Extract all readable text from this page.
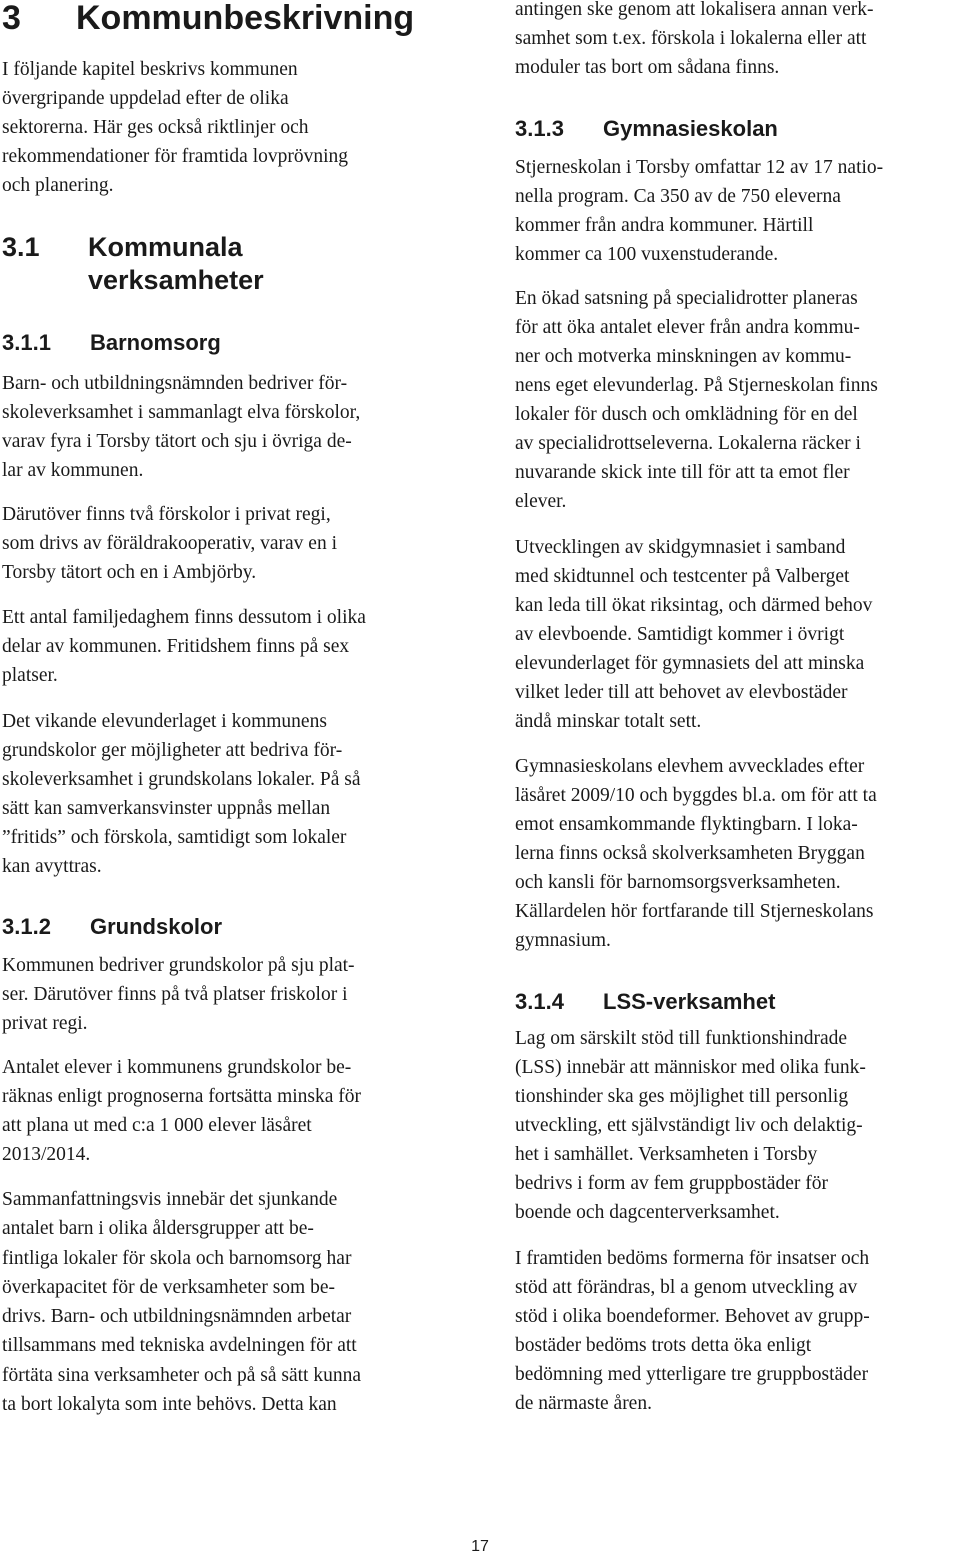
3 Kommunbeskrivning
I följande kapitel beskrivs kommunen
övergripande uppdelad efter de olika
sektorerna. Här ges också riktlinjer och
rekommendationer för framtida lovprövning
och planering.
3.1	Kommunala
verksamheter
3.1.1	Barnomsorg
Barn- och utbildningsnämnden bedriver för-
skoleverksamhet i sammanlagt elva förskolor,
varav fyra i Torsby tätort och sju i övriga de-
lar av kommunen.
Därutöver finns två förskolor i privat regi,
som drivs av föräldrakooperativ, varav en i
Torsby tätort och en i Ambjörby.
Ett antal familjedaghem finns dessutom i olika
delar av kommunen. Fritidshem finns på sex
platser.
Det vikande elevunderlaget i kommunens
grundskolor ger möjligheter att bedriva för-
skoleverksamhet i grundskolans lokaler. På så
sätt kan samverkansvinster uppnås mellan
”fritids” och förskola, samtidigt som lokaler
kan avyttras.
3.1.2	Grundskolor
Kommunen bedriver grundskolor på sju plat-
ser. Därutöver finns på två platser friskolor i
privat regi.
Antalet elever i kommunens grundskolor be-
räknas enligt prognoserna fortsätta minska för
att plana ut med c:a 1 000 elever läsåret
2013/2014.
Sammanfattningsvis innebär det sjunkande
antalet barn i olika åldersgrupper att be-
fintliga lokaler för skola och barnomsorg har
överkapacitet för de verksamheter som be-
drivs. Barn- och utbildningsnämnden arbetar
tillsammans med tekniska avdelningen för att
förtäta sina verksamheter och på så sätt kunna
ta bort lokalyta som inte behövs. Detta kan
antingen ske genom att lokalisera annan verk-
samhet som t.ex. förskola i lokalerna eller att
moduler tas bort om sådana finns.
3.1.3	Gymnasieskolan
Stjerneskolan i Torsby omfattar 12 av 17 natio-
nella program. Ca 350 av de 750 eleverna
kommer från andra kommuner. Härtill
kommer ca 100 vuxenstuderande.
En ökad satsning på specialidrotter planeras
för att öka antalet elever från andra kommu-
ner och motverka minskningen av kommu-
nens eget elevunderlag. På Stjerneskolan finns
lokaler för dusch och omklädning för en del
av specialidrottseleverna. Lokalerna räcker i
nuvarande skick inte till för att ta emot fler
elever.
Utvecklingen av skidgymnasiet i samband
med skidtunnel och testcenter på Valberget
kan leda till ökat riksintag, och därmed behov
av elevboende. Samtidigt kommer i övrigt
elevunderlaget för gymnasiets del att minska
vilket leder till att behovet av elevbostäder
ändå minskar totalt sett.
Gymnasieskolans elevhem avvecklades efter
läsåret 2009/10 och byggdes bl.a. om för att ta
emot ensamkommande flyktingbarn. I loka-
lerna finns också skolverksamheten Bryggan
och kansli för barnomsorgsverksamheten.
Källardelen hör fortfarande till Stjerneskolans
gymnasium.
3.1.4	LSS-verksamhet
Lag om särskilt stöd till funktionshindrade
(LSS) innebär att människor med olika funk-
tionshinder ska ges möjlighet till personlig
utveckling, ett självständigt liv och delaktig-
het i samhället. Verksamheten i Torsby
bedrivs i form av fem gruppbostäder för
boende och dagcenterverksamhet.
I framtiden bedöms formerna för insatser och
stöd att förändras, bl a genom utveckling av
stöd i olika boendeformer. Behovet av grupp-
bostäder bedöms trots detta öka enligt
bedömning med ytterligare tre gruppbostäder
de närmaste åren.
17
